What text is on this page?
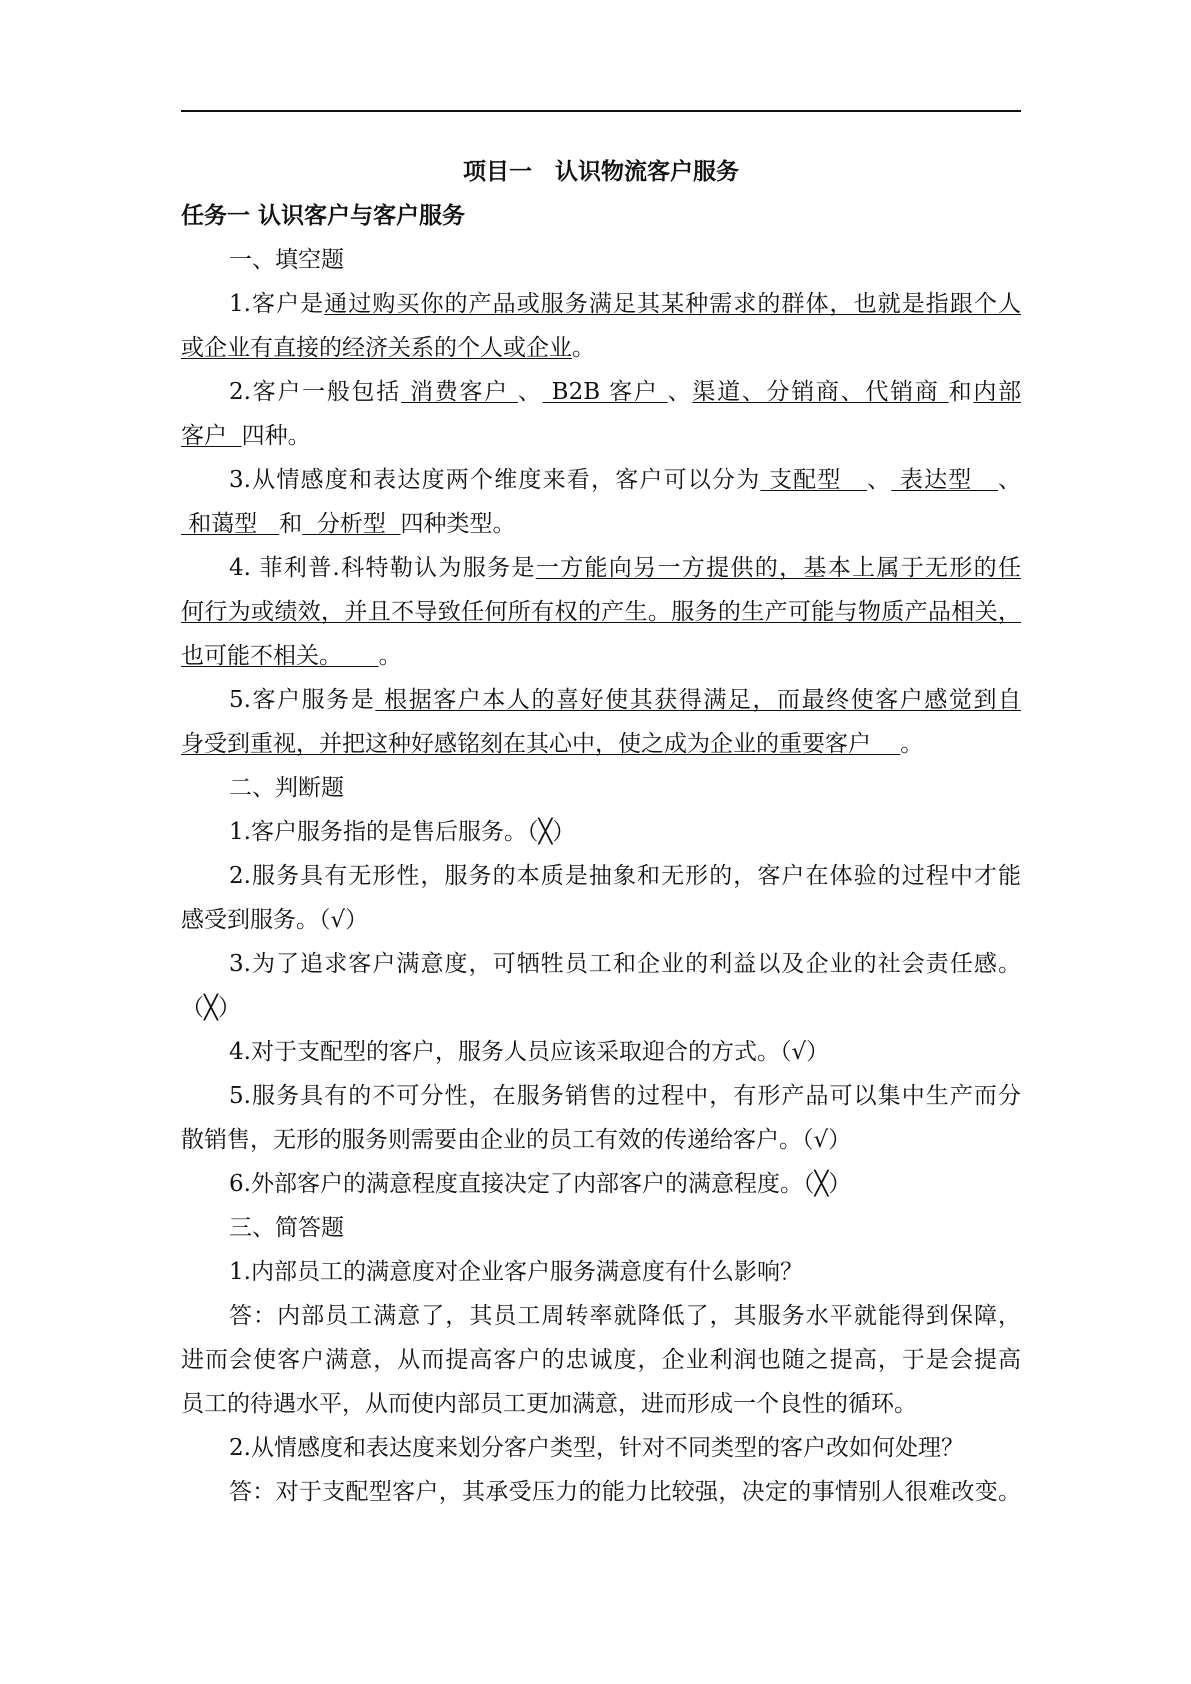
项目一　认识物流客户服务
任务一 认识客户与客户服务
一、填空题
1.客户是通过购买你的产品或服务满足其某种需求的群体，也就是指跟个人
或企业有直接的经济关系的个人或企业。
2.客户一般包括 消费客户 、 B2B 客户 、渠道、分销商、代销商 和内部
客户  四种。
3.从情感度和表达度两个维度来看，客户可以分为 支配型   、 表达型   、
和蔼型   和  分析型  四种类型。
4. 菲利普.科特勒认为服务是一方能向另一方提供的，基本上属于无形的任
何行为或绩效，并且不导致任何所有权的产生。服务的生产可能与物质产品相关，
也可能不相关。     。
5.客户服务是 根据客户本人的喜好使其获得满足，而最终使客户感觉到自
身受到重视，并把这种好感铭刻在其心中，使之成为企业的重要客户    。
二、判断题
1.客户服务指的是售后服务。（╳）
2.服务具有无形性，服务的本质是抽象和无形的，客户在体验的过程中才能
感受到服务。（√）
3.为了追求客户满意度，可牺牲员工和企业的利益以及企业的社会责任感。
（╳）
4.对于支配型的客户，服务人员应该采取迎合的方式。（√）
5.服务具有的不可分性，在服务销售的过程中，有形产品可以集中生产而分
散销售，无形的服务则需要由企业的员工有效的传递给客户。（√）
6.外部客户的满意程度直接决定了内部客户的满意程度。（╳）
三、简答题
1.内部员工的满意度对企业客户服务满意度有什么影响？
答：内部员工满意了，其员工周转率就降低了，其服务水平就能得到保障，
进而会使客户满意，从而提高客户的忠诚度，企业利润也随之提高，于是会提高
员工的待遇水平，从而使内部员工更加满意，进而形成一个良性的循环。
2.从情感度和表达度来划分客户类型，针对不同类型的客户改如何处理？
答：对于支配型客户，其承受压力的能力比较强，决定的事情别人很难改变。
